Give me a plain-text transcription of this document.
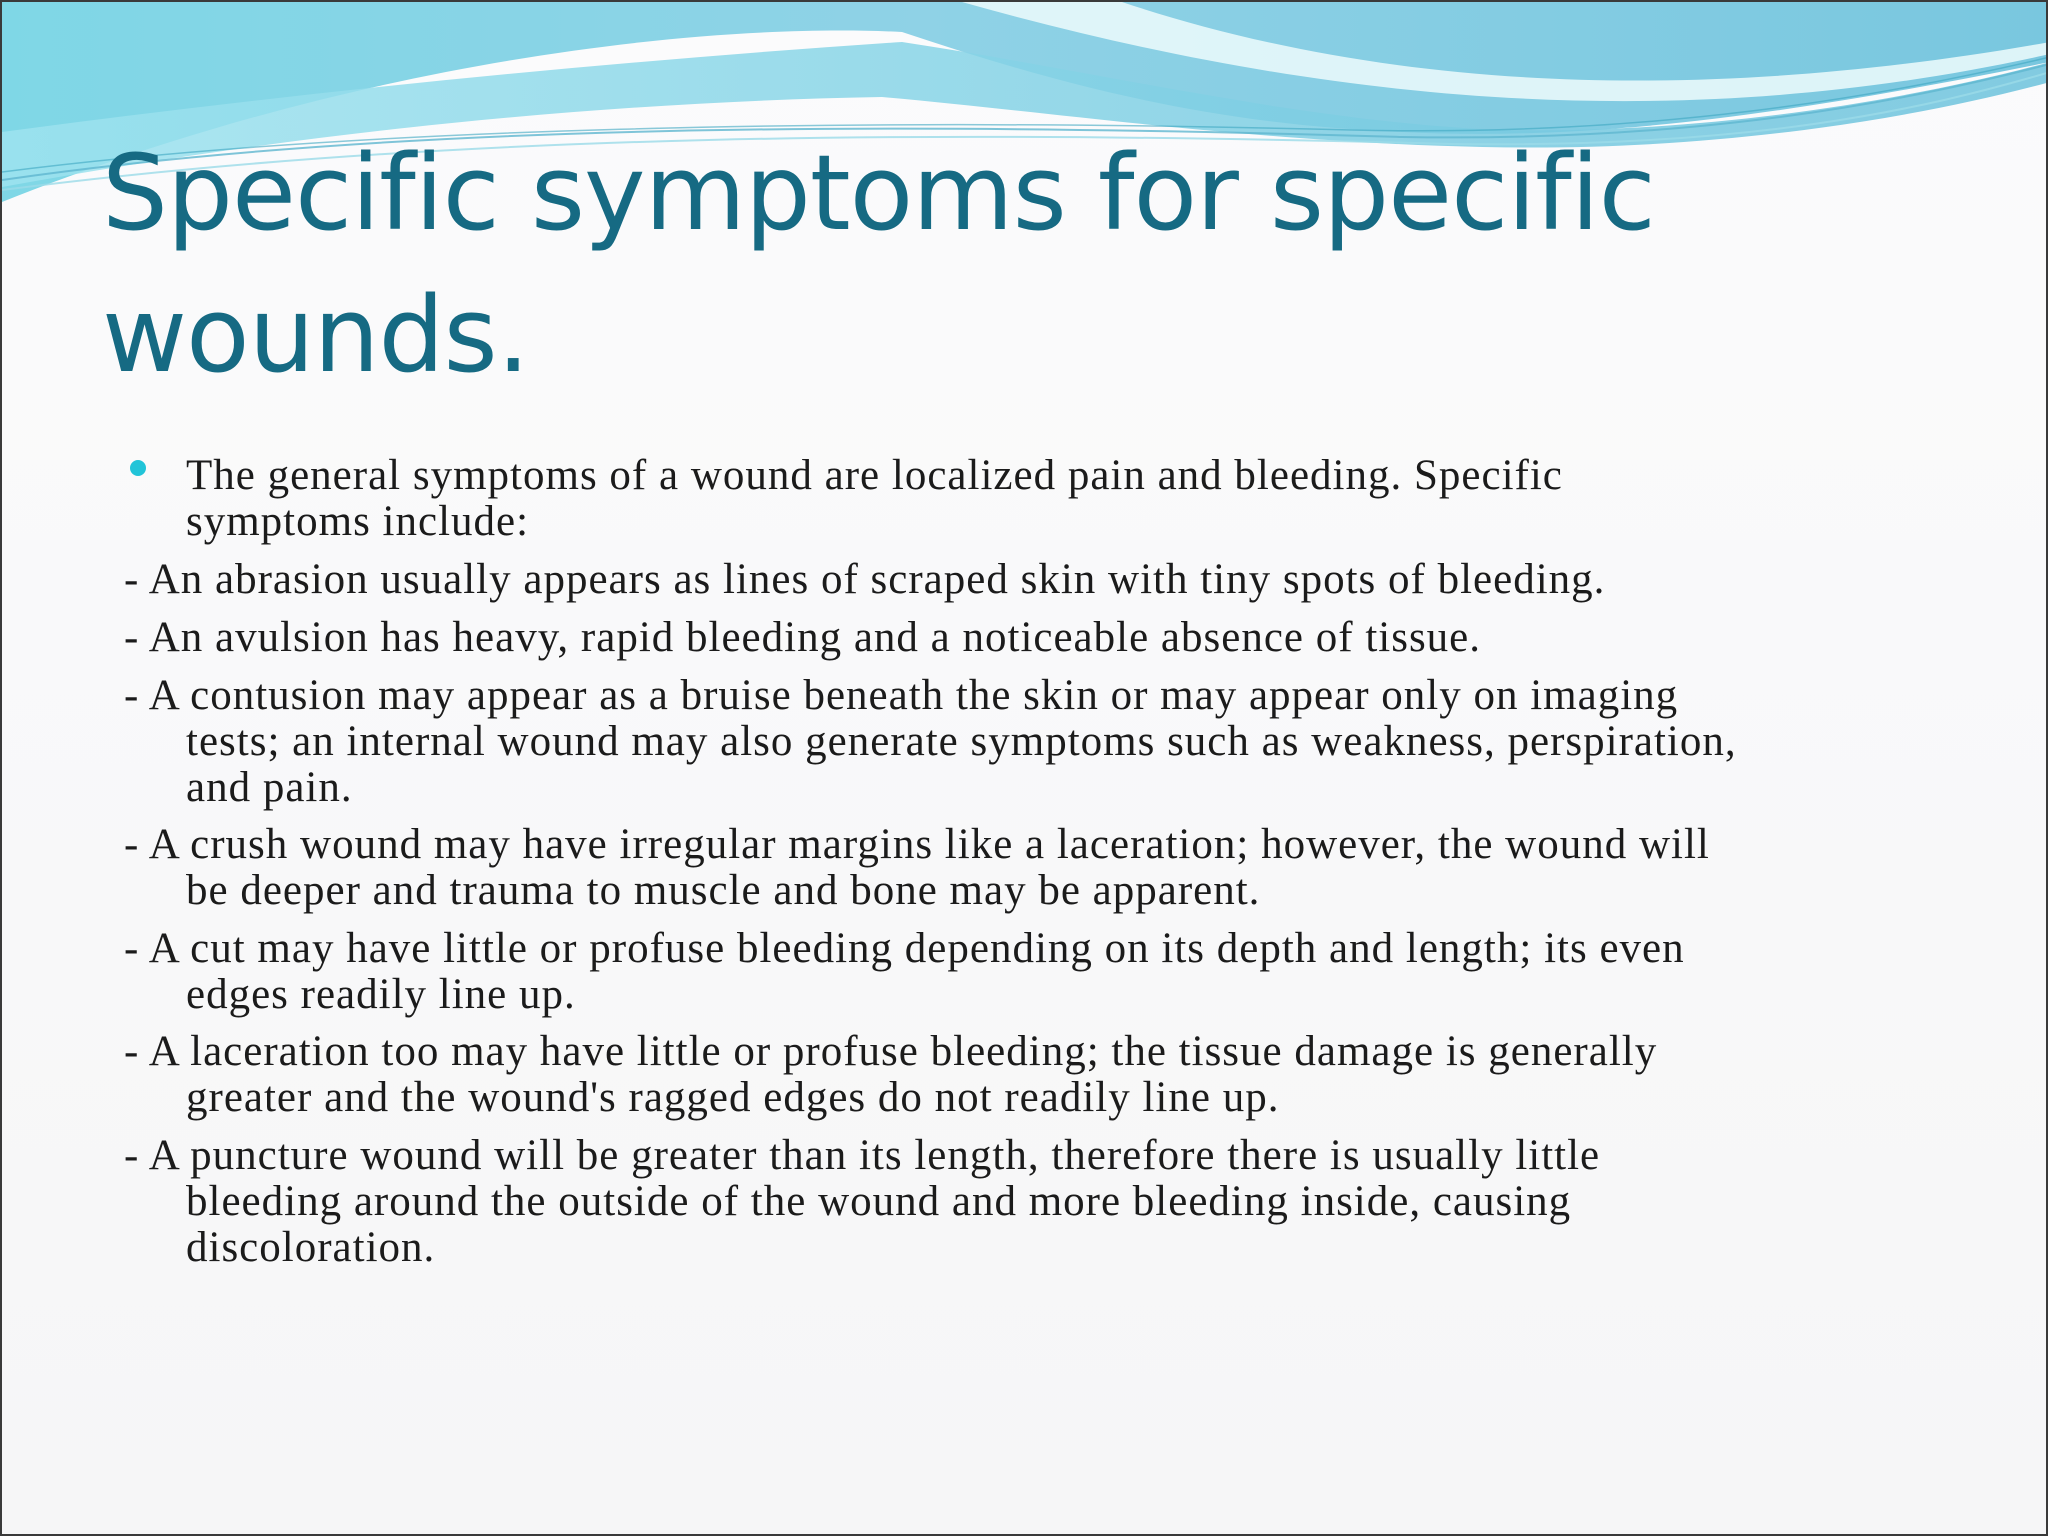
Specific symptoms for specific
wounds.

The general symptoms of a wound are localized pain and bleeding. Specific

symptoms include:

- An abrasion usually appears as lines of scraped skin with tiny spots of bleeding.

- An avulsion has heavy, rapid bleeding and a noticeable absence of tissue.

- A contusion may appear as a bruise beneath the skin or may appear only on imaging

tests; an internal wound may also generate symptoms such as weakness, perspiration,

and pain.

- A crush wound may have irregular margins like a laceration; however, the wound will

be deeper and trauma to muscle and bone may be apparent.

- A cut may have little or profuse bleeding depending on its depth and length; its even

edges readily line up.

- A laceration too may have little or profuse bleeding; the tissue damage is generally

greater and the wound's ragged edges do not readily line up.

- A puncture wound will be greater than its length, therefore there is usually little

bleeding around the outside of the wound and more bleeding inside, causing

discoloration.
